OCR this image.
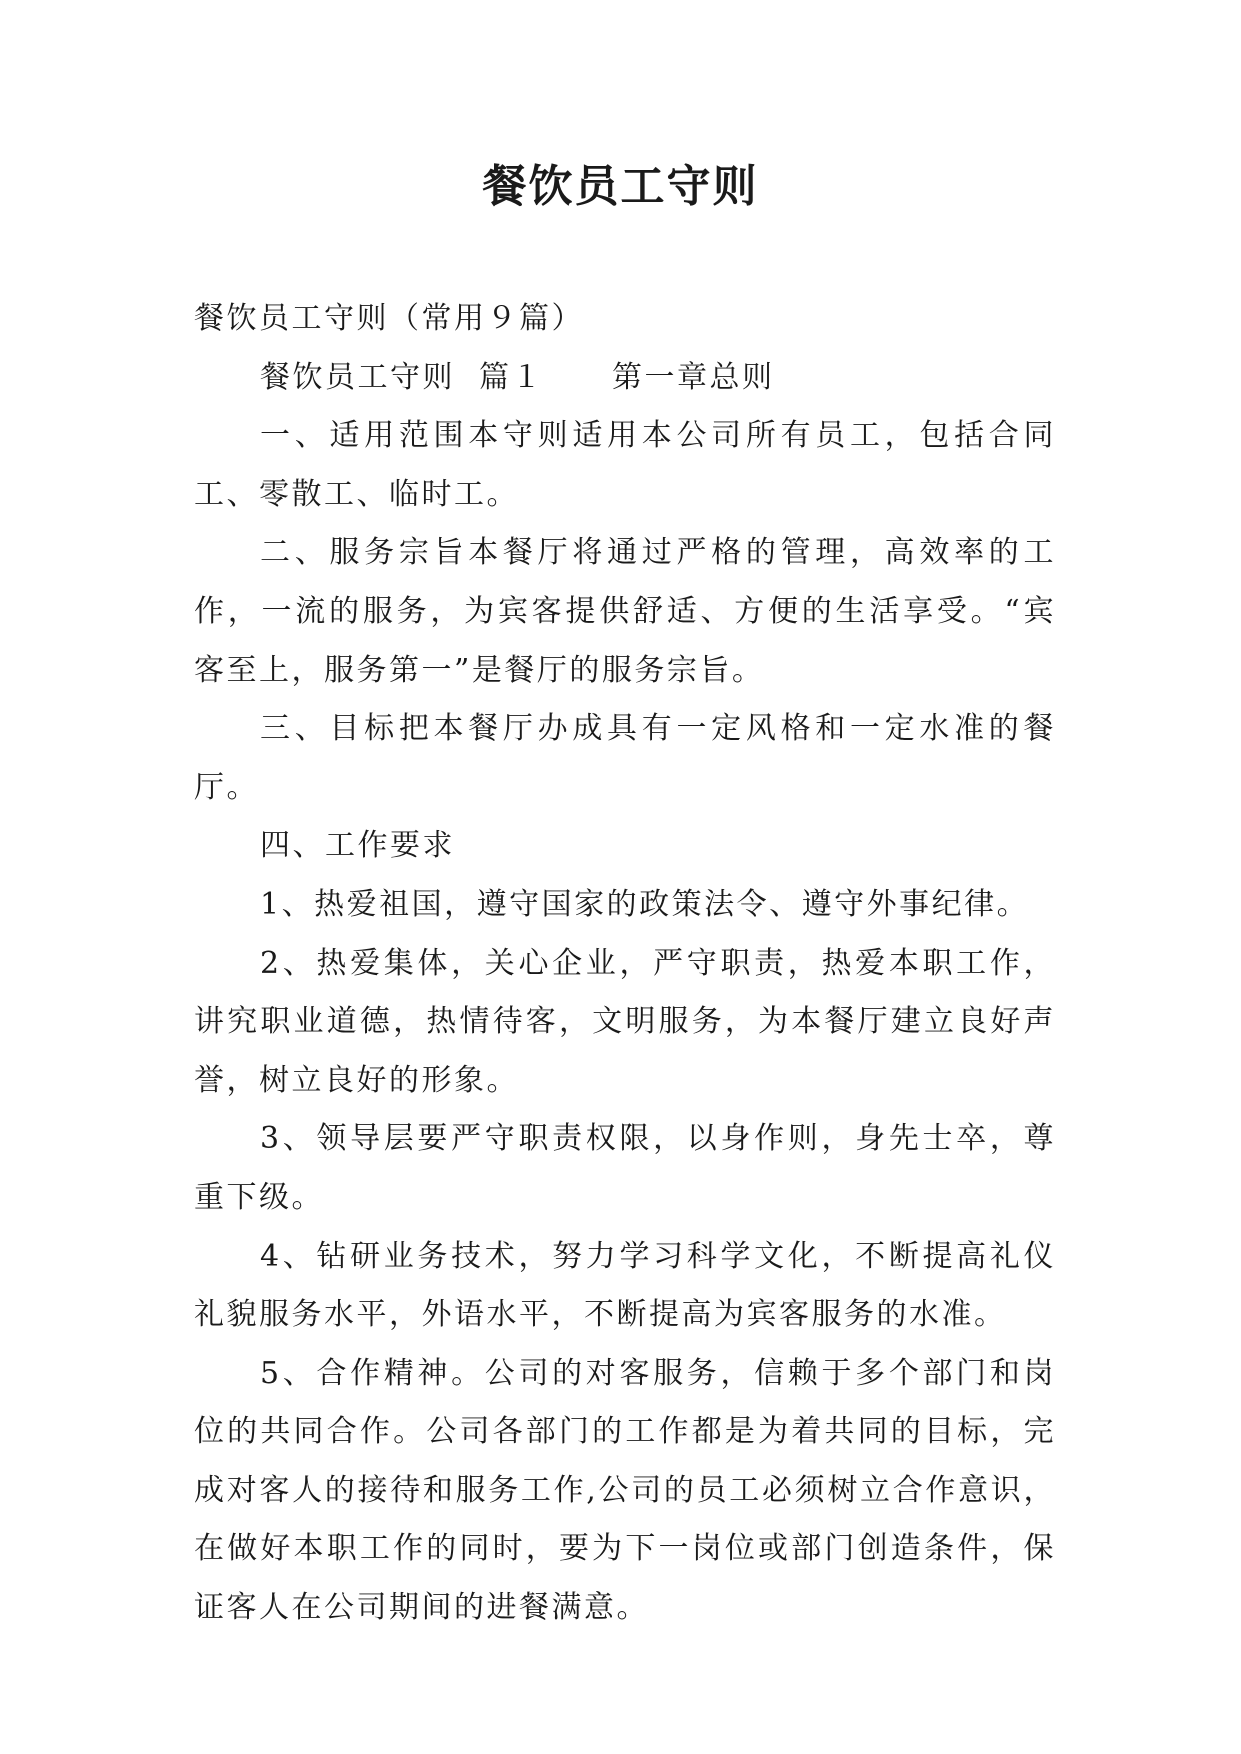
餐饮员工守则

餐饮员工守则（常用９篇）

餐饮员工守则 篇１ 第一章总则

一、适用范围本守则适用本公司所有员工，包括合同工、零散工、临时工。

二、服务宗旨本餐厅将通过严格的管理，高效率的工作，一流的服务，为宾客提供舒适、方便的生活享受。“宾客至上，服务第一”是餐厅的服务宗旨。

三、目标把本餐厅办成具有一定风格和一定水准的餐厅。

四、工作要求

1、热爱祖国，遵守国家的政策法令、遵守外事纪律。

2、热爱集体，关心企业，严守职责，热爱本职工作，讲究职业道德，热情待客，文明服务，为本餐厅建立良好声誉，树立良好的形象。

3、领导层要严守职责权限，以身作则，身先士卒，尊重下级。

4、钻研业务技术，努力学习科学文化，不断提高礼仪礼貌服务水平，外语水平，不断提高为宾客服务的水准。

5、合作精神。公司的对客服务，信赖于多个部门和岗位的共同合作。公司各部门的工作都是为着共同的目标，完成对客人的接待和服务工作,公司的员工必须树立合作意识，在做好本职工作的同时，要为下一岗位或部门创造条件，保证客人在公司期间的进餐满意。
